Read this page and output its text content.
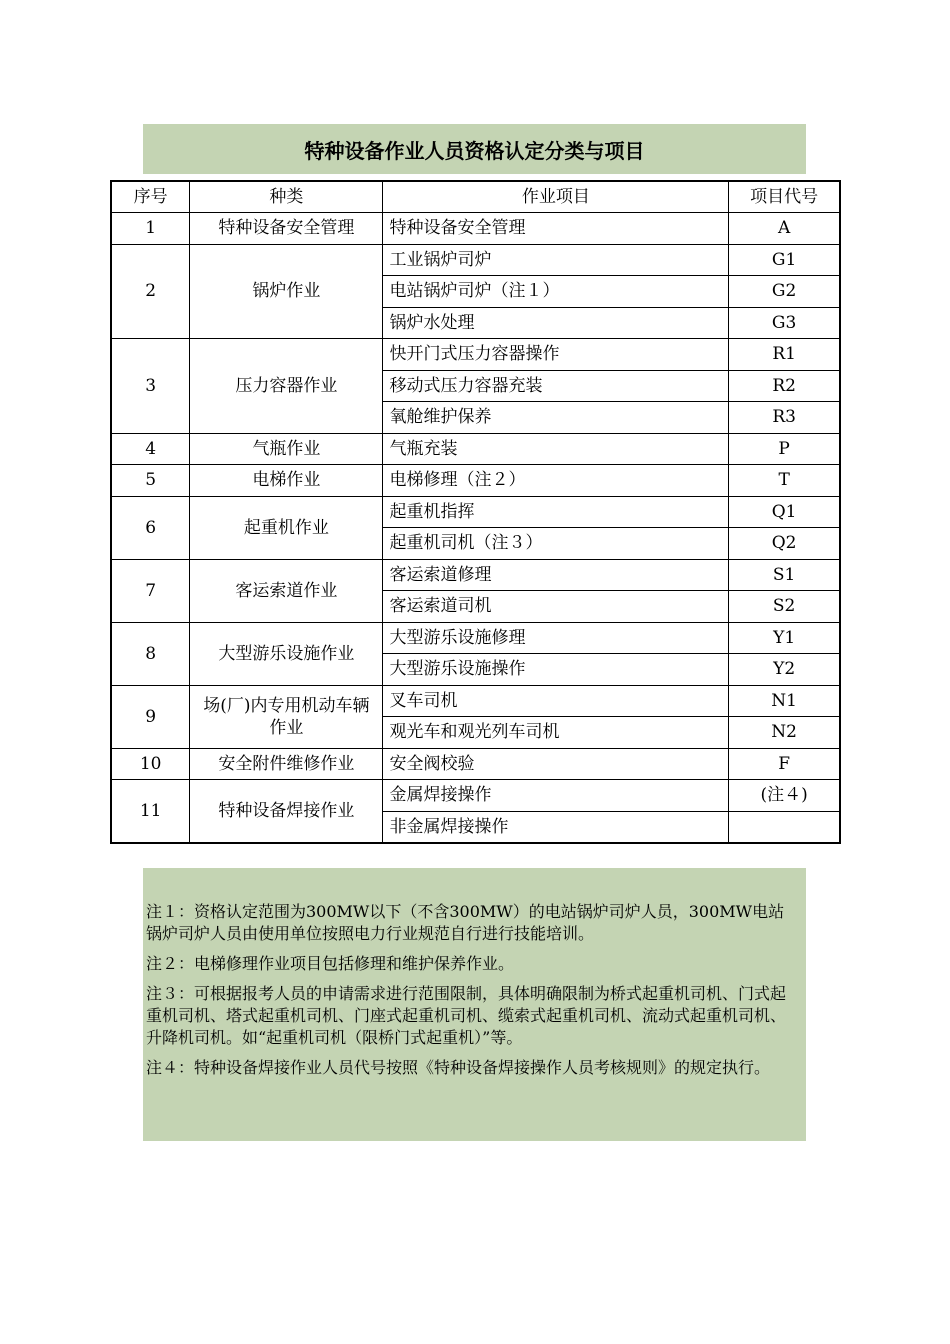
特种设备作业人员资格认定分类与项目
序号	种类	作业项目	项目代号
1	特种设备安全管理	特种设备安全管理	A
2	锅炉作业	工业锅炉司炉	G1
		电站锅炉司炉（注１）	G2
		锅炉水处理	G3
3	压力容器作业	快开门式压力容器操作	R1
		移动式压力容器充装	R2
		氧舱维护保养	R3
4	气瓶作业	气瓶充装	P
5	电梯作业	电梯修理（注２）	T
6	起重机作业	起重机指挥	Q1
		起重机司机（注３）	Q2
7	客运索道作业	客运索道修理	S1
		客运索道司机	S2
8	大型游乐设施作业	大型游乐设施修理	Y1
		大型游乐设施操作	Y2
9	场(厂)内专用机动车辆作业	叉车司机	N1
		观光车和观光列车司机	N2
10	安全附件维修作业	安全阀校验	F
11	特种设备焊接作业	金属焊接操作	(注４)
		非金属焊接操作	

注１：资格认定范围为300MW以下（不含300MW）的电站锅炉司炉人员，300MW电站锅炉司炉人员由使用单位按照电力行业规范自行进行技能培训。

注２：电梯修理作业项目包括修理和维护保养作业。

注３：可根据报考人员的申请需求进行范围限制，具体明确限制为桥式起重机司机、门式起重机司机、塔式起重机司机、门座式起重机司机、缆索式起重机司机、流动式起重机司机、升降机司机。如“起重机司机（限桥门式起重机）”等。

注４：特种设备焊接作业人员代号按照《特种设备焊接操作人员考核规则》的规定执行。
